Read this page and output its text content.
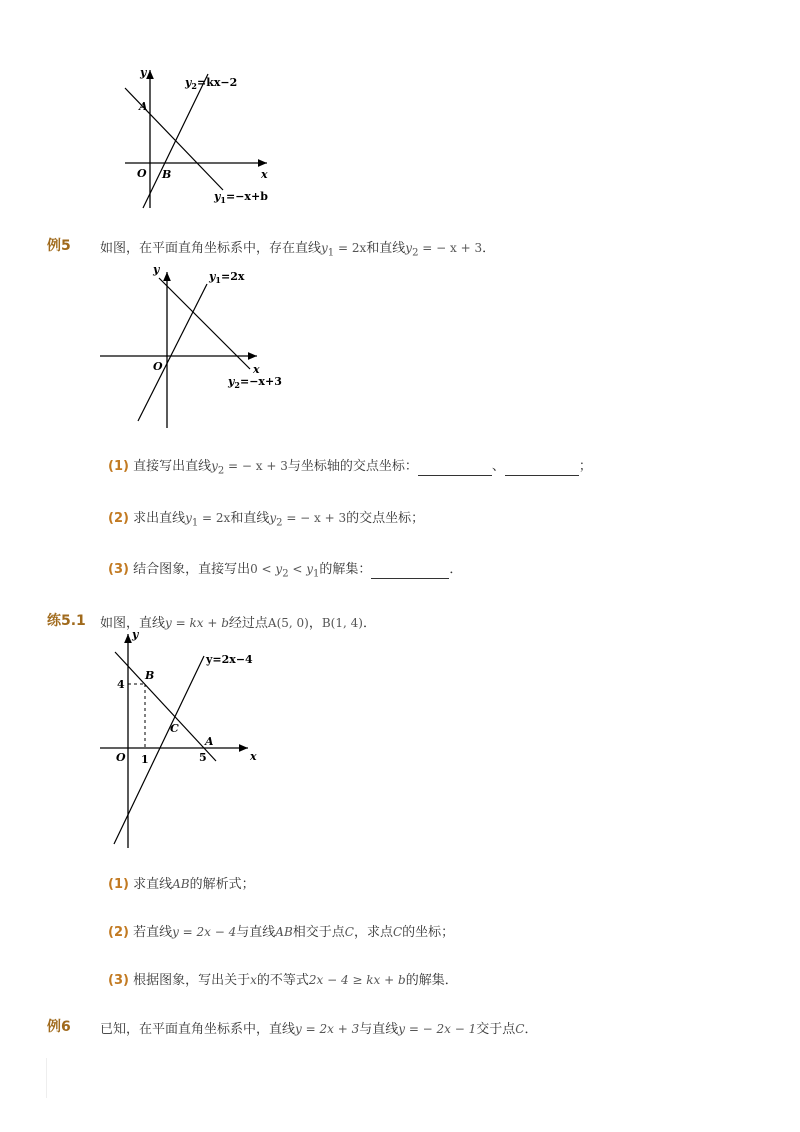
y
x
O
A
B
$y_2=kx-2$
$y_1=-x+b$
例5 如图，在平面直角坐标系中，存在直线$y_1 = 2x$和直线$y_2$ = − x + 3．
y
x
O
$y_1=2x$
$y_2=-x+3$
(1) 直接写出直线$y_2$ = − x + 3与坐标轴的交点坐标：	、	；
(2) 求出直线$y_1 = 2x$和直线$y_2$ = − x + 3的交点坐标；
(3) 结合图象，直接写出$0 < y_2 < y_1$的解集：	．
练5.1 如图，直线y = kx + b经过点A(5, 0)，B(1, 4)．
y
x
O
4
1	5
B
C
A
y=2x−4
(1) 求直线AB的解析式；
(2) 若直线y = 2x − 4与直线AB相交于点C，求点C的坐标；
(3) 根据图象，写出关于x的不等式2x − 4 ≥ kx + b的解集．
例6 已知，在平面直角坐标系中，直线y = 2x + 3与直线y = − 2x − 1交于点C．
